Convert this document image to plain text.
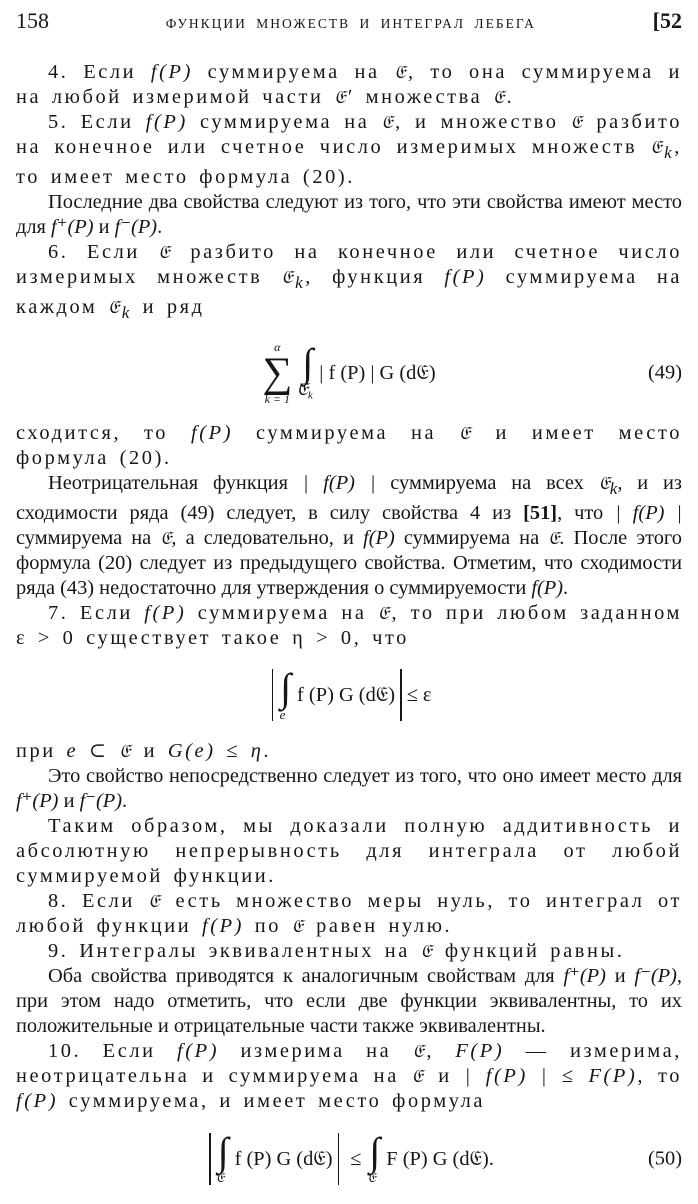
158	ФУНКЦИИ МНОЖЕСТВ И ИНТЕГРАЛ ЛЕБЕГА	[52

4. Если f(P) суммируема на 𝔈, то она суммируема и на любой измеримой части 𝔈′ множества 𝔈.

5. Если f(P) суммируема на 𝔈, и множество 𝔈 разбито на конечное или счетное число измеримых множеств 𝔈$_k$, то имеет место формула (20).

Последние два свойства следуют из того, что эти свойства имеют место для f⁺(P) и f⁻(P).

6. Если 𝔈 разбито на конечное или счетное число измеримых множеств 𝔈$_k$, функция f(P) суммируема на каждом 𝔈$_k$ и ряд

α
∑
k = 1
∫
𝔈$_k$
| f (P) | G (d𝔈)	(49)

сходится, то f(P) суммируема на 𝔈 и имеет место формула (20).

Неотрицательная функция | f(P) | суммируема на всех 𝔈$_k$, и из сходимости ряда (49) следует, в силу свойства 4 из [51], что | f(P) | суммируема на 𝔈, а следовательно, и f(P) суммируема на 𝔈. После этого формула (20) следует из предыдущего свойства. Отметим, что сходимости ряда (43) недостаточно для утверждения о суммируемости f(P).

7. Если f(P) суммируема на 𝔈, то при любом заданном ε > 0 существует такое η > 0, что

∫
e
f (P) G (d𝔈) ≤ ε

при e ⊂ 𝔈 и G(e) ≤ η.

Это свойство непосредственно следует из того, что оно имеет место для f⁺(P) и f⁻(P).

Таким образом, мы доказали полную аддитивность и абсолютную непрерывность для интеграла от любой суммируемой функции.

8. Если 𝔈 есть множество меры нуль, то интеграл от любой функции f(P) по 𝔈 равен нулю.

9. Интегралы эквивалентных на 𝔈 функций равны.

Оба свойства приводятся к аналогичным свойствам для f⁺(P) и f⁻(P), при этом надо отметить, что если две функции эквивалентны, то их положительные и отрицательные части также эквивалентны.

10. Если f(P) измерима на 𝔈, F(P) — измерима, неотрицательна и суммируема на 𝔈 и | f(P) | ≤ F(P), то f(P) суммируема, и имеет место формула

∫
𝔈
f (P) G (d𝔈) ≤ ∫
𝔈
F (P) G (d𝔈).	(50)
